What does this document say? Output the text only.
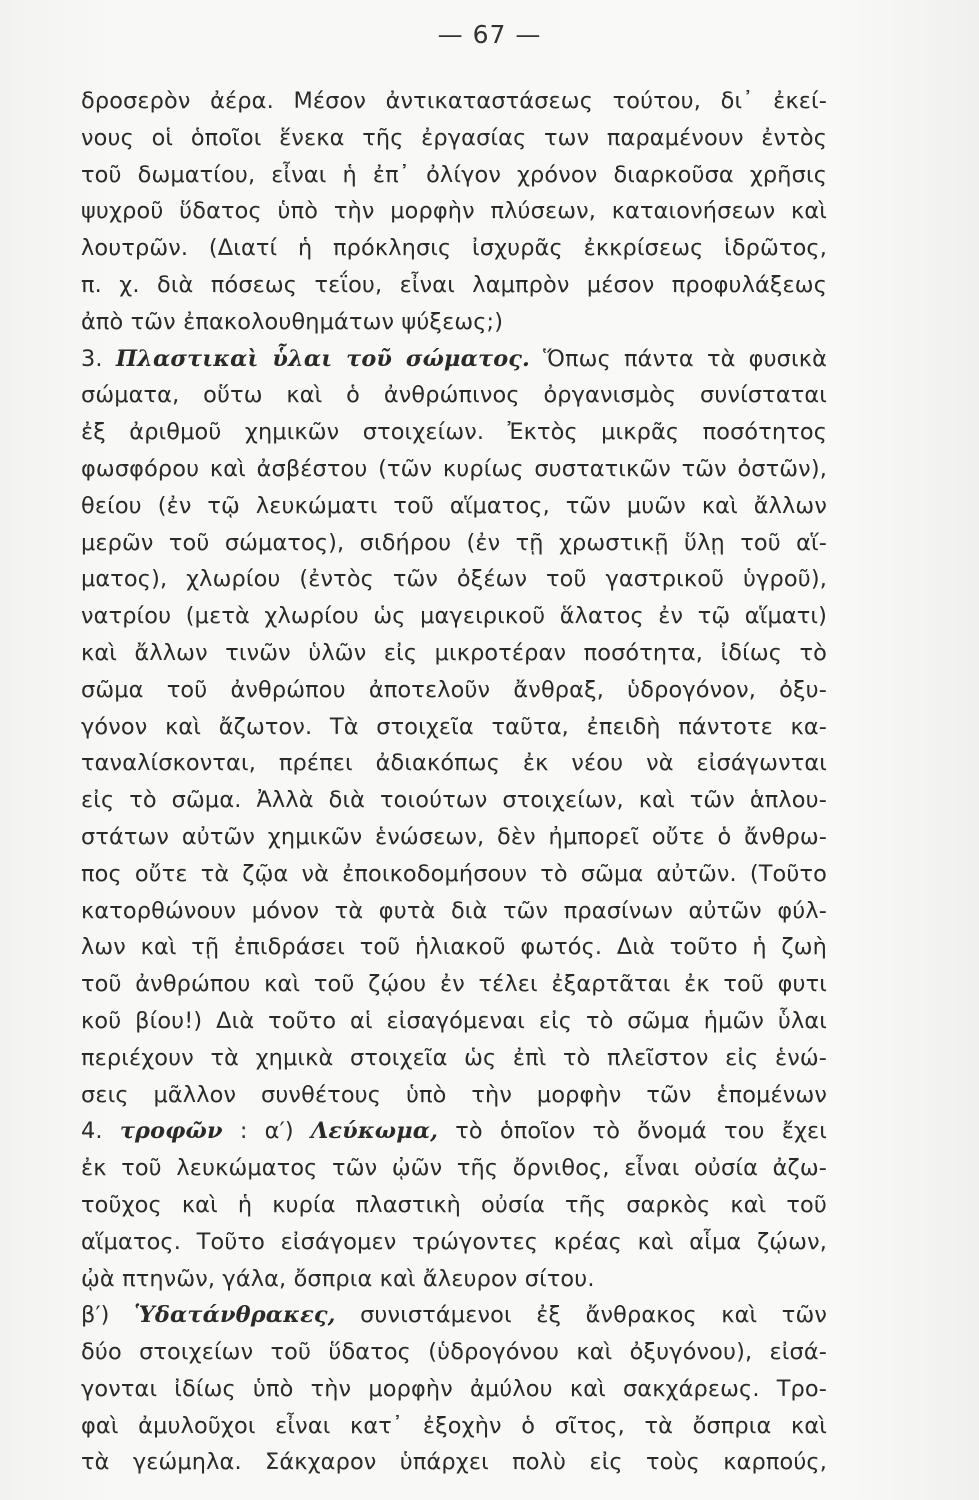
— 67 —
δροσερὸν ἀέρα. Μέσον ἀντικαταστάσεως τούτου, δι᾽ ἐκεί-
νους οἱ ὁποῖοι ἕνεκα τῆς ἐργασίας των παραμένουν ἐντὸς
τοῦ δωματίου, εἶναι ἡ ἐπ᾽ ὀλίγον χρόνον διαρκοῦσα χρῆσις
ψυχροῦ ὕδατος ὑπὸ τὴν μορφὴν πλύσεων, καταιονήσεων καὶ
λουτρῶν. (Διατί ἡ πρόκλησις ἰσχυρᾶς ἐκκρίσεως ἱδρῶτος,
π. χ. διὰ πόσεως τεΐου, εἶναι λαμπρὸν μέσον προφυλάξεως
ἀπὸ τῶν ἐπακολουθημάτων ψύξεως;)
3. Πλαστικαὶ ὗλαι τοῦ σώματος. Ὅπως πάντα τὰ φυσικὰ
σώματα, οὕτω καὶ ὁ ἀνθρώπινος ὀργανισμὸς συνίσταται
ἐξ ἀριθμοῦ χημικῶν στοιχείων. Ἐκτὸς μικρᾶς ποσότητος
φωσφόρου καὶ ἀσβέστου (τῶν κυρίως συστατικῶν τῶν ὀστῶν),
θείου (ἐν τῷ λευκώματι τοῦ αἵματος, τῶν μυῶν καὶ ἄλλων
μερῶν τοῦ σώματος), σιδήρου (ἐν τῇ χρωστικῇ ὕλῃ τοῦ αἵ-
ματος), χλωρίου (ἐντὸς τῶν ὀξέων τοῦ γαστρικοῦ ὑγροῦ),
νατρίου (μετὰ χλωρίου ὡς μαγειρικοῦ ἅλατος ἐν τῷ αἵματι)
καὶ ἄλλων τινῶν ὑλῶν εἰς μικροτέραν ποσότητα, ἰδίως τὸ
σῶμα τοῦ ἀνθρώπου ἀποτελοῦν ἄνθραξ, ὑδρογόνον, ὀξυ-
γόνον καὶ ἄζωτον. Τὰ στοιχεῖα ταῦτα, ἐπειδὴ πάντοτε κα-
ταναλίσκονται, πρέπει ἀδιακόπως ἐκ νέου νὰ εἰσάγωνται
εἰς τὸ σῶμα. Ἀλλὰ διὰ τοιούτων στοιχείων, καὶ τῶν ἁπλου-
στάτων αὐτῶν χημικῶν ἑνώσεων, δὲν ἠμπορεῖ οὔτε ὁ ἄνθρω-
πος οὔτε τὰ ζῷα νὰ ἐποικοδομήσουν τὸ σῶμα αὐτῶν. (Τοῦτο
κατορθώνουν μόνον τὰ φυτὰ διὰ τῶν πρασίνων αὐτῶν φύλ-
λων καὶ τῇ ἐπιδράσει τοῦ ἡλιακοῦ φωτός. Διὰ τοῦτο ἡ ζωὴ
τοῦ ἀνθρώπου καὶ τοῦ ζῴου ἐν τέλει ἐξαρτᾶται ἐκ τοῦ φυτι
κοῦ βίου!) Διὰ τοῦτο αἱ εἰσαγόμεναι εἰς τὸ σῶμα ἡμῶν ὗλαι
περιέχουν τὰ χημικὰ στοιχεῖα ὡς ἐπὶ τὸ πλεῖστον εἰς ἑνώ-
σεις μᾶλλον συνθέτους ὑπὸ τὴν μορφὴν τῶν ἑπομένων
4. τροφῶν : α′) Λεύκωμα, τὸ ὁποῖον τὸ ὄνομά του ἔχει
ἐκ τοῦ λευκώματος τῶν ᾠῶν τῆς ὄρνιθος, εἶναι οὐσία ἀζω-
τοῦχος καὶ ἡ κυρία πλαστικὴ οὐσία τῆς σαρκὸς καὶ τοῦ
αἵματος. Τοῦτο εἰσάγομεν τρώγοντες κρέας καὶ αἷμα ζῴων,
ᾠὰ πτηνῶν, γάλα, ὄσπρια καὶ ἄλευρον σίτου.
β′) Ὑδατάνθρακες, συνιστάμενοι ἐξ ἄνθρακος καὶ τῶν
δύο στοιχείων τοῦ ὕδατος (ὑδρογόνου καὶ ὀξυγόνου), εἰσά-
γονται ἰδίως ὑπὸ τὴν μορφὴν ἀμύλου καὶ σακχάρεως. Τρο-
φαὶ ἀμυλοῦχοι εἶναι κατ᾽ ἐξοχὴν ὁ σῖτος, τὰ ὄσπρια καὶ
τὰ γεώμηλα. Σάκχαρον ὑπάρχει πολὺ εἰς τοὺς καρπούς,
